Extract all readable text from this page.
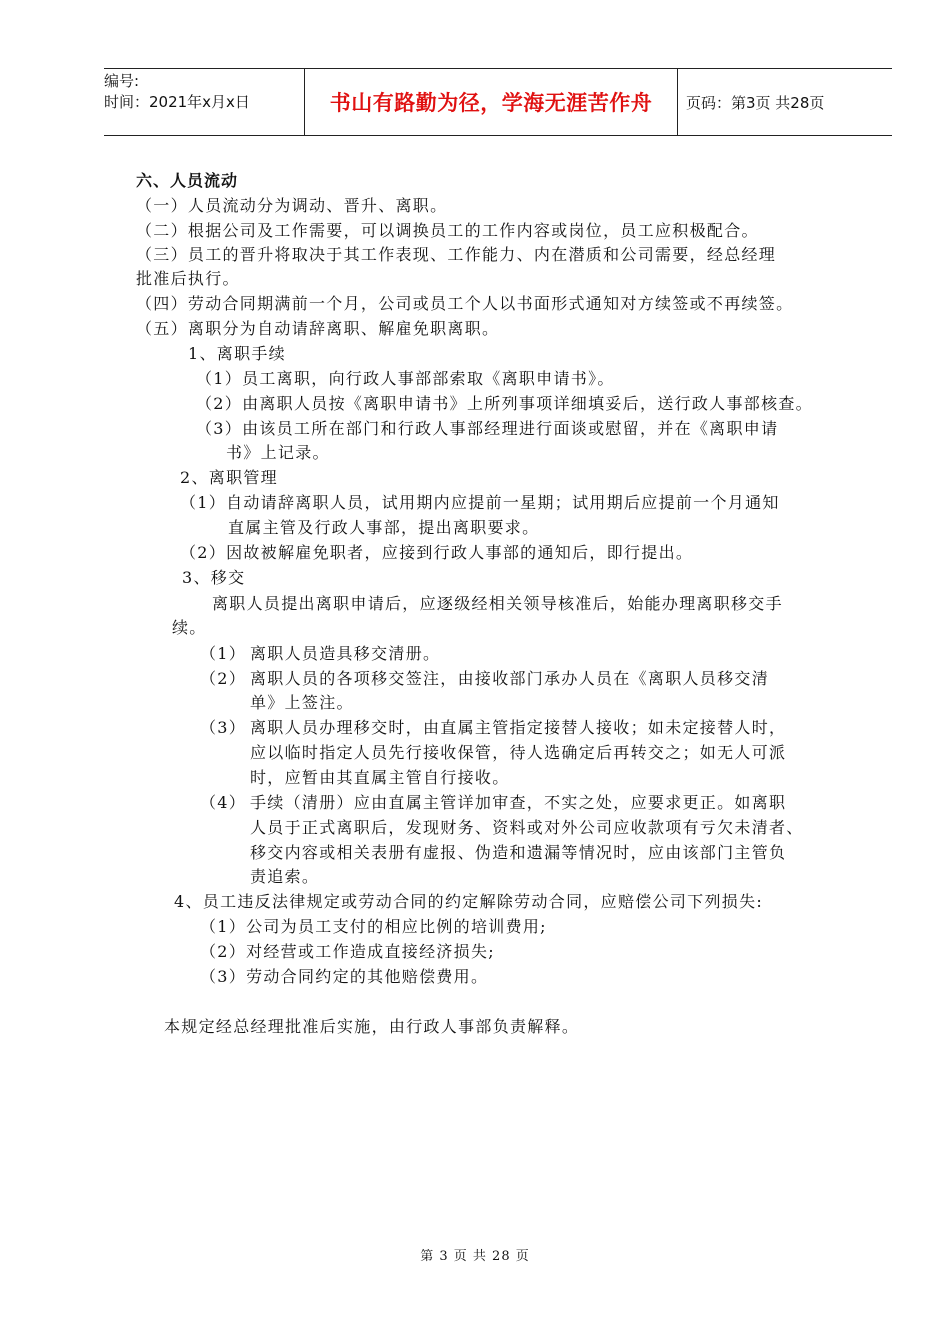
编号:
时间：2021年x月x日	书山有路勤为径，学海无涯苦作舟	页码：第3页 共28页
六、人员流动
（一）人员流动分为调动、晋升、离职。
（二）根据公司及工作需要，可以调换员工的工作内容或岗位，员工应积极配合。
（三）员工的晋升将取决于其工作表现、工作能力、内在潜质和公司需要，经总经理
批准后执行。
（四）劳动合同期满前一个月，公司或员工个人以书面形式通知对方续签或不再续签。
（五）离职分为自动请辞离职、解雇免职离职。
1、离职手续
（1）员工离职，向行政人事部部索取《离职申请书》。
（2）由离职人员按《离职申请书》上所列事项详细填妥后，送行政人事部核查。
（3）由该员工所在部门和行政人事部经理进行面谈或慰留，并在《离职申请
书》上记录。
2、离职管理
（1）自动请辞离职人员，试用期内应提前一星期；试用期后应提前一个月通知
直属主管及行政人事部，提出离职要求。
（2）因故被解雇免职者，应接到行政人事部的通知后，即行提出。
3、移交
离职人员提出离职申请后，应逐级经相关领导核准后，始能办理离职移交手
续。
（1） 离职人员造具移交清册。
（2） 离职人员的各项移交签注，由接收部门承办人员在《离职人员移交清
单》上签注。
（3） 离职人员办理移交时，由直属主管指定接替人接收；如未定接替人时，
应以临时指定人员先行接收保管，待人选确定后再转交之；如无人可派
时，应暂由其直属主管自行接收。
（4） 手续（清册）应由直属主管详加审查，不实之处，应要求更正。如离职
人员于正式离职后，发现财务、资料或对外公司应收款项有亏欠未清者、
移交内容或相关表册有虚报、伪造和遗漏等情况时，应由该部门主管负
责追索。
4、员工违反法律规定或劳动合同的约定解除劳动合同，应赔偿公司下列损失:
（1）公司为员工支付的相应比例的培训费用;
（2）对经营或工作造成直接经济损失;
（3）劳动合同约定的其他赔偿费用。
本规定经总经理批准后实施，由行政人事部负责解释。
第 3 页 共 28 页
